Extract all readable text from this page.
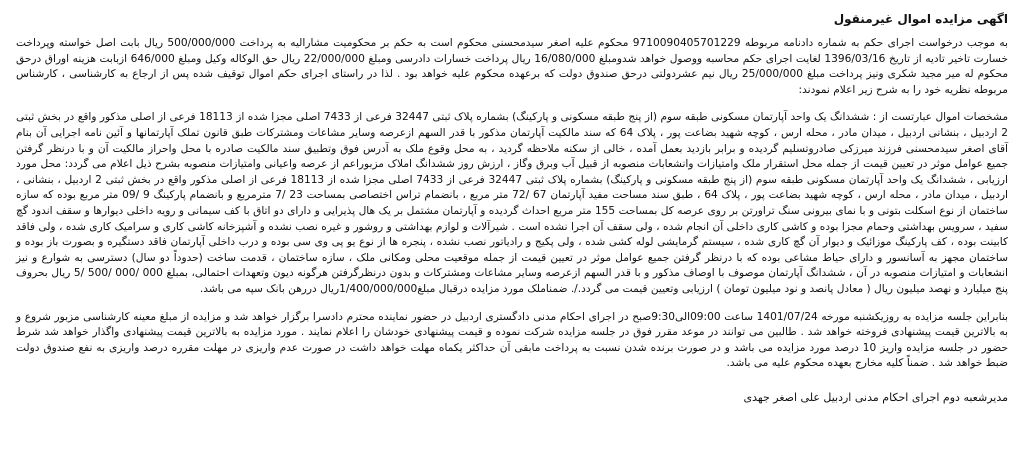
اگهی مزایده اموال غیرمنقول

به موجب درخواست اجرای حکم به شماره دادنامه مربوطه 9710090405701229 محکوم علیه اصغر سیدمحسنی محکوم است به حکم بر محکومیت مشارالیه به پرداخت 500/000/000 ریال بابت اصل خواسته وپرداخت خسارت تاخیر تادیه از تاریخ 1396/03/16 لغایت اجرای حکم محاسبه ووصول خواهد شدومبلغ 16/080/000 ریال پرداخت خسارات دادرسی ومبلغ 22/000/000 ریال حق الوکاله وکیل ومبلغ 646/000 ازبابت هزینه اوراق درحق محکوم له میر مجید شکری ونیز پرداخت مبلغ 25/000/000 ریال نیم عشردولتی درحق صندوق دولت که برعهده محکوم علیه خواهد بود . لذا در راستای اجرای حکم اموال توقیف شده پس از ارجاع به کارشناسی ، کارشناس مربوطه نظریه خود را به شرح زیر اعلام نمودند:

مشخصات اموال عبارتست از : ششدانگ یک واحد آپارتمان مسکونی طبقه سوم (از پنج طبقه مسکونی و پارکینگ) بشماره پلاک ثبتی 32447 فرعی از 7433 اصلی مجزا شده از 18113 فرعی از اصلی مذکور واقع در بخش ثبتی 2 اردبیل ، بنشانی اردبیل ، میدان مادر ، محله ارس ، کوچه شهید بضاعت پور ، پلاک 64 که سند مالکیت آپارتمان مذکور با قدر السهم ازعرصه وسایر مشاعات ومشترکات طبق قانون تملک آپارتمانها و آئین نامه اجرایی آن بنام آقای اصغر سیدمحسنی فرزند میرزکی صادروتسلیم گردیده و برابر بازدید بعمل آمده ، خالی از سکنه ملاحظه گردید ، به محل وقوع ملک به آدرس فوق وتطبیق سند مالکیت صادره با محل واحراز مالکیت آن و با درنظر گرفتن جمیع عوامل موثر در تعیین قیمت از جمله محل استقرار ملک وامتیازات وانشعابات منصوبه از قبیل آب وبرق وگاز ، ارزش روز ششدانگ املاک مزبوراعم از عرصه واعیانی وامتیازات منصوبه بشرح ذیل اعلام می گردد: محل مورد ارزیابی ، ششدانگ یک واحد آپارتمان مسکونی طبقه سوم (از پنج طبقه مسکونی و پارکینگ) بشماره پلاک ثبتی 32447 فرعی از 7433 اصلی مجزا شده از 18113 فرعی از اصلی مذکور واقع در بخش ثبتی 2 اردبیل ، بنشانی ، اردبیل ، میدان مادر ، محله ارس ، کوچه شهید بضاعت پور ، پلاک 64 ، طبق سند مساحت مفید آپارتمان 67 /72 متر مربع ، بانضمام تراس اختصاصی بمساحت 23 /7 مترمربع و بانضمام پارکینگ 9 /09 متر مربع بوده که سازه ساختمان از نوع اسکلت بتونی و با نمای بیرونی سنگ تراورتن بر روی عرصه کل بمساحت 155 متر مربع احداث گردیده و آپارتمان مشتمل بر یک هال پذیرایی و دارای دو اتاق با کف سیمانی و رویه داخلی دیوارها و سقف اندود گچ سفید ، سرویس بهداشتی وحمام مجزا بوده و کاشی کاری داخلی آن انجام شده ، ولی سقف آن اجرا نشده است . شیرآلات و لوازم بهداشتی و روشور و غیره نصب نشده و آشپزخانه کاشی کاری و سرامیک کاری شده ، ولی فاقد کابینت بوده ، کف پارکینگ موزائیک و دیوار آن گچ کاری شده ، سیستم گرمایشی لوله کشی شده ، ولی پکیج و رادیاتور نصب نشده ، پنجره ها از نوع یو پی وی سی بوده و درب داخلی آپارتمان فاقد دستگیره و بصورت باز بوده و ساختمان مجهز به آسانسور و دارای حیاط مشاعی بوده که با درنظر گرفتن جمیع عوامل موثر در تعیین قیمت از جمله موقعیت محلی ومکانی ملک ، سازه ساختمان ، قدمت ساخت (حدوداً دو سال) دسترسی به شوارع و نیز انشعابات و امتیازات منصوبه در آن ، ششدانگ آپارتمان موصوف با اوصاف مذکور و با قدر السهم ازعرصه وسایر مشاعات ومشترکات و بدون درنظرگرفتن هرگونه دیون وتعهدات احتمالی، بمبلغ 000 /000 /500 /5 ریال بحروف پنج میلیارد و نهصد میلیون ریال ( معادل پانصد و نود میلیون تومان ) ارزیابی وتعیین قیمت می گردد./. ضمناملک مورد مزایده درقبال مبلغ1/400/000/000ریال دررهن بانک سپه می باشد.

بنابراین جلسه مزایده به روزیکشنبه مورخه 1401/07/24 ساعت 09:00الی9:30صبح در اجرای احکام مدنی دادگستری اردبیل در حضور نماینده محترم دادسرا برگزار خواهد شد و مزایده از مبلغ معینه کارشناسی مزبور شروع و به بالاترین قیمت پیشنهادی فروخته خواهد شد . طالبین می توانند در موعد مقرر فوق در جلسه مزایده شرکت نموده و قیمت پیشنهادی خودشان را اعلام نمایند . مورد مزایده به بالاترین قیمت پیشنهادی واگذار خواهد شد شرط حضور در جلسه مزایده واریز 10 درصد مورد مزایده می باشد و در صورت برنده شدن نسبت به پرداخت مابقی آن حداکثر یکماه مهلت خواهد داشت در صورت عدم واریزی در مهلت مقرره درصد واریزی به نفع صندوق دولت ضبط خواهد شد . ضمناً کلیه مخارج بعهده محکوم علیه می باشد.

مدیرشعبه دوم اجرای احکام مدنی اردبیل علی اصغر جهدی
